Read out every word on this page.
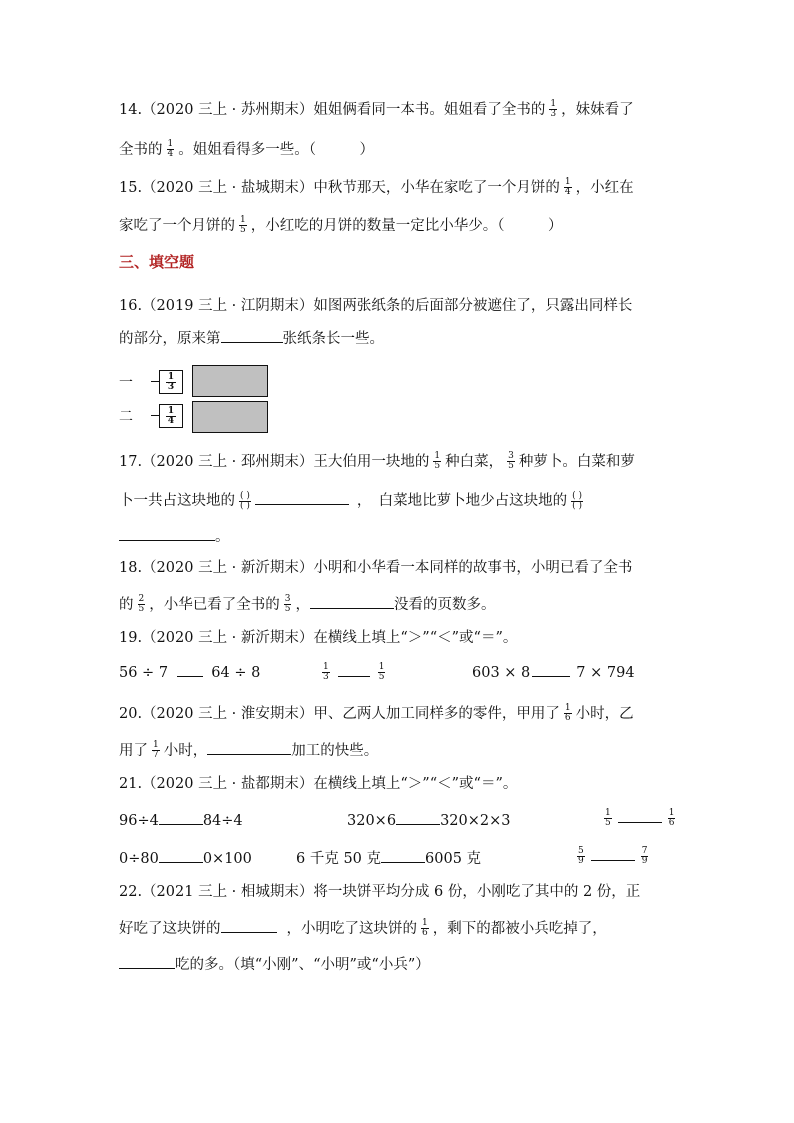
14.（2020 三上 · 苏州期末）姐姐俩看同一本书。姐姐看了全书的 $\frac{1}{3}$ ，妹妹看了
全书的 $\frac{1}{4}$ 。姐姐看得多一些。（　　　）
15.（2020 三上 · 盐城期末）中秋节那天，小华在家吃了一个月饼的 $\frac{1}{4}$ ，小红在
家吃了一个月饼的 $\frac{1}{5}$ ，小红吃的月饼的数量一定比小华少。（　　　）
三、填空题
16.（2019 三上 · 江阴期末）如图两张纸条的后面部分被遮住了，只露出同样长
的部分，原来第	张纸条长一些。
一	$\frac{1}{3}$
二	$\frac{1}{4}$
17.（2020 三上 · 邳州期末）王大伯用一块地的 $\frac{1}{5}$ 种白菜， $\frac{3}{5}$ 种萝卜。白菜和萝
卜一共占这块地的 ( )
( )	，　白菜地比萝卜地少占这块地的 ( )
( )
。
18.（2020 三上 · 新沂期末）小明和小华看一本同样的故事书，小明已看了全书
的 $\frac{2}{5}$ ，小华已看了全书的 $\frac{3}{5}$ ，	没看的页数多。
19.（2020 三上 · 新沂期末）在横线上填上“＞”“＜”或“＝”。
56 ÷ 7	64 ÷ 8	$\frac{1}{3}$	$\frac{1}{5}$	603 × 8	7 × 794
20.（2020 三上 · 淮安期末）甲、乙两人加工同样多的零件，甲用了 $\frac{1}{6}$ 小时，乙
用了 $\frac{1}{7}$ 小时，	加工的快些。
21.（2020 三上 · 盐都期末）在横线上填上“＞”“＜”或“＝”。
96÷4	84÷4	320×6	320×2×3	$\frac{1}{5}$	$\frac{1}{6}$
0÷80	0×100	6 千克 50 克	6005 克	$\frac{5}{9}$	$\frac{7}{9}$
22.（2021 三上 · 相城期末）将一块饼平均分成 6 份，小刚吃了其中的 2 份，正
好吃了这块饼的	，小明吃了这块饼的 $\frac{1}{6}$ ，剩下的都被小兵吃掉了，
吃的多。（填“小刚”、“小明”或“小兵”）
